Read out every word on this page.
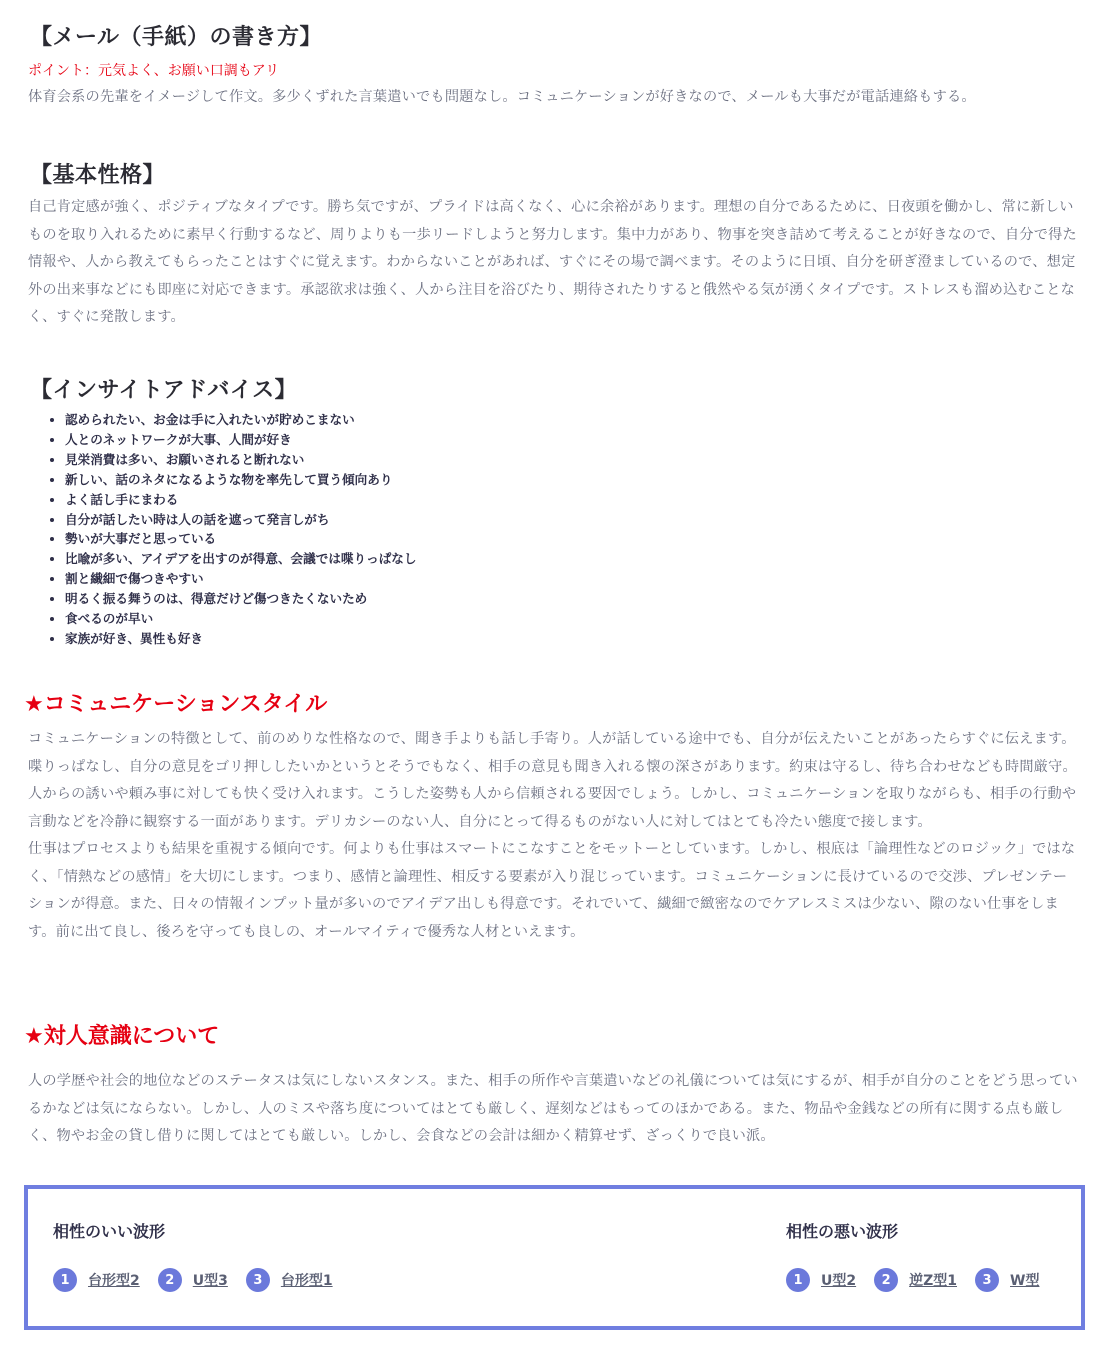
【メール（手紙）の書き方】

ポイント：元気よく、お願い口調もアリ

体育会系の先輩をイメージして作文。多少くずれた言葉遣いでも問題なし。コミュニケーションが好きなので、メールも大事だが電話連絡もする。

【基本性格】

自己肯定感が強く、ポジティブなタイプです。勝ち気ですが、プライドは高くなく、心に余裕があります。理想の自分であるために、日夜頭を働かし、常に新しいものを取り入れるために素早く行動するなど、周りよりも一歩リードしようと努力します。集中力があり、物事を突き詰めて考えることが好きなので、自分で得た情報や、人から教えてもらったことはすぐに覚えます。わからないことがあれば、すぐにその場で調べます。そのように日頃、自分を研ぎ澄ましているので、想定外の出来事などにも即座に対応できます。承認欲求は強く、人から注目を浴びたり、期待されたりすると俄然やる気が湧くタイプです。ストレスも溜め込むことなく、すぐに発散します。

【インサイトアドバイス】
• 認められたい、お金は手に入れたいが貯めこまない
• 人とのネットワークが大事、人間が好き
• 見栄消費は多い、お願いされると断れない
• 新しい、話のネタになるような物を率先して買う傾向あり
• よく話し手にまわる
• 自分が話したい時は人の話を遮って発言しがち
• 勢いが大事だと思っている
• 比喩が多い、アイデアを出すのが得意、会議では喋りっぱなし
• 割と繊細で傷つきやすい
• 明るく振る舞うのは、得意だけど傷つきたくないため
• 食べるのが早い
• 家族が好き、異性も好き
★コミュニケーションスタイル

コミュニケーションの特徴として、前のめりな性格なので、聞き手よりも話し手寄り。人が話している途中でも、自分が伝えたいことがあったらすぐに伝えます。喋りっぱなし、自分の意見をゴリ押ししたいかというとそうでもなく、相手の意見も聞き入れる懐の深さがあります。約束は守るし、待ち合わせなども時間厳守。人からの誘いや頼み事に対しても快く受け入れます。こうした姿勢も人から信頼される要因でしょう。しかし、コミュニケーションを取りながらも、相手の行動や言動などを冷静に観察する一面があります。デリカシーのない人、自分にとって得るものがない人に対してはとても冷たい態度で接します。

仕事はプロセスよりも結果を重視する傾向です。何よりも仕事はスマートにこなすことをモットーとしています。しかし、根底は「論理性などのロジック」ではなく、「情熱などの感情」を大切にします。つまり、感情と論理性、相反する要素が入り混じっています。コミュニケーションに長けているので交渉、プレゼンテーションが得意。また、日々の情報インプット量が多いのでアイデア出しも得意です。それでいて、繊細で緻密なのでケアレスミスは少ない、隙のない仕事をします。前に出て良し、後ろを守っても良しの、オールマイティで優秀な人材といえます。

★対人意識について

人の学歴や社会的地位などのステータスは気にしないスタンス。また、相手の所作や言葉遣いなどの礼儀については気にするが、相手が自分のことをどう思っているかなどは気にならない。しかし、人のミスや落ち度についてはとても厳しく、遅刻などはもってのほかである。また、物品や金銭などの所有に関する点も厳しく、物やお金の貸し借りに関してはとても厳しい。しかし、会食などの会計は細かく精算せず、ざっくりで良い派。

相性のいい波形
1	台形型2	2	U型3	3	台形型1
相性の悪い波形
1	U型2	2	逆Z型1	3	W型
